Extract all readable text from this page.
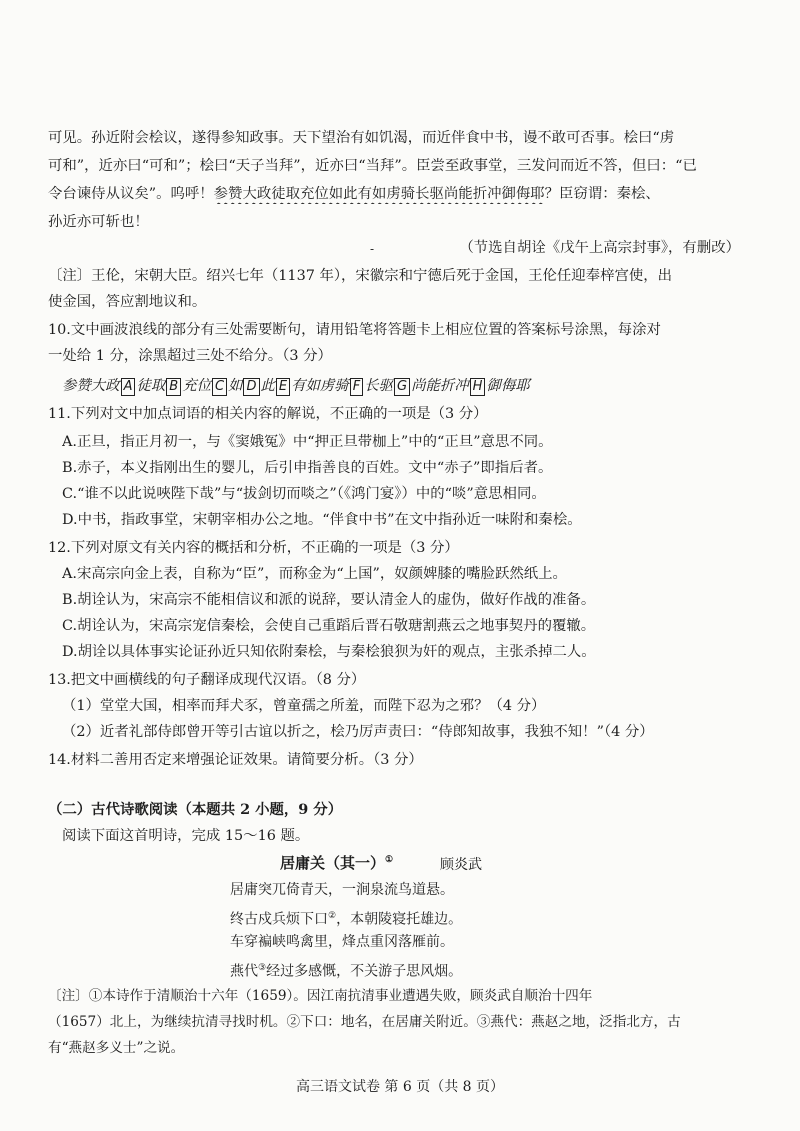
可见。孙近附会桧议，遂得参知政事。天下望治有如饥渴，而近伴食中书，谩不敢可否事。桧曰“虏
可和”，近亦曰“可和”；桧曰“天子当拜”，近亦曰“当拜”。臣尝至政事堂，三发问而近不答，但曰：“已
令台谏侍从议矣”。呜呼！参赞大政徒取充位如此有如虏骑长驱尚能折冲御侮耶？臣窃谓：秦桧、
孙近亦可斩也！
-	（节选自胡诠《戊午上高宗封事》，有删改）
〔注〕王伦，宋朝大臣。绍兴七年（1137 年），宋徽宗和宁德后死于金国，王伦任迎奉梓宫使，出
使金国，答应割地议和。
10.文中画波浪线的部分有三处需要断句，请用铅笔将答题卡上相应位置的答案标号涂黑，每涂对
一处给 1 分，涂黑超过三处不给分。（3 分）
参赞大政 A 徒取 B 充位 C 如 D 此 E 有如虏骑 F 长驱 G 尚能折冲 H 御侮耶
11.下列对文中加点词语的相关内容的解说，不正确的一项是（3 分）
A.正旦，指正月初一，与《窦娥冤》中“押正旦带枷上”中的“正旦”意思不同。
B.赤子，本义指刚出生的婴儿，后引申指善良的百姓。文中“赤子”即指后者。
C.“谁不以此说唊陛下哉”与“拔剑切而啖之”（《鸿门宴》）中的“啖”意思相同。
D.中书，指政事堂，宋朝宰相办公之地。“伴食中书”在文中指孙近一味附和秦桧。
12.下列对原文有关内容的概括和分析，不正确的一项是（3 分）
A.宋高宗向金上表，自称为“臣”，而称金为“上国”，奴颜婢膝的嘴脸跃然纸上。
B.胡诠认为，宋高宗不能相信议和派的说辞，要认清金人的虚伪，做好作战的准备。
C.胡诠认为，宋高宗宠信秦桧，会使自己重蹈后晋石敬瑭割燕云之地事契丹的覆辙。
D.胡诠以具体事实论证孙近只知依附秦桧，与秦桧狼狈为奸的观点，主张杀掉二人。
13.把文中画横线的句子翻译成现代汉语。（8 分）
（1）堂堂大国，相率而拜犬豕，曾童孺之所羞，而陛下忍为之邪？（4 分）
（2）近者礼部侍郎曾开等引古谊以折之，桧乃厉声责曰：“侍郎知故事，我独不知！”（4 分）
14.材料二善用否定来增强论证效果。请简要分析。（3 分）
（二）古代诗歌阅读（本题共 2 小题，9 分）
阅读下面这首明诗，完成 15～16 题。
居庸关（其一）①	顾炎武
居庸突兀倚青天，一涧泉流鸟道悬。
终古戍兵烦下口②，本朝陵寝托雄边。
车穿褊峡鸣禽里，烽点重冈落雁前。
燕代③经过多感慨，不关游子思风烟。
〔注〕①本诗作于清顺治十六年（1659）。因江南抗清事业遭遇失败，顾炎武自顺治十四年
（1657）北上，为继续抗清寻找时机。②下口：地名，在居庸关附近。③燕代：燕赵之地，泛指北方，古
有“燕赵多义士”之说。
高三语文试卷 第 6 页（共 8 页）
